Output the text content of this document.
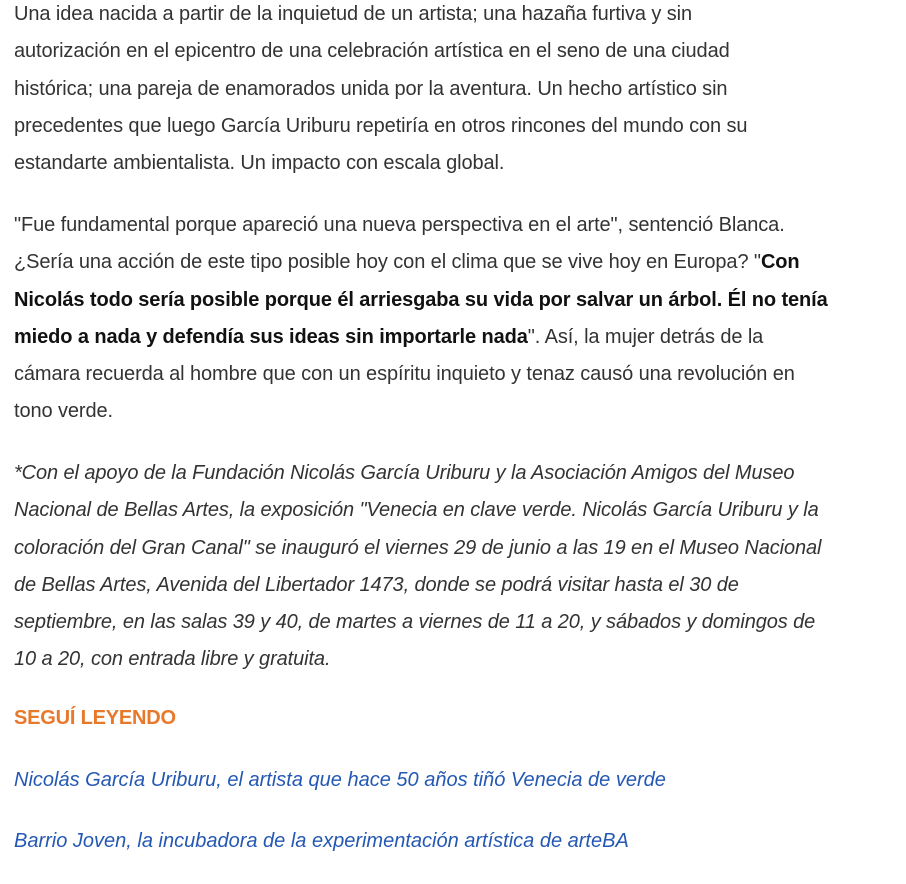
Una idea nacida a partir de la inquietud de un artista; una hazaña furtiva y sin
autorización en el epicentro de una celebración artística en el seno de una ciudad
histórica; una pareja de enamorados unida por la aventura. Un hecho artístico sin
precedentes que luego García Uriburu repetiría en otros rincones del mundo con su
estandarte ambientalista. Un impacto con escala global.

"Fue fundamental porque apareció una nueva perspectiva en el arte", sentenció Blanca.
¿Sería una acción de este tipo posible hoy con el clima que se vive hoy en Europa? "Con
Nicolás todo sería posible porque él arriesgaba su vida por salvar un árbol. Él no tenía
miedo a nada y defendía sus ideas sin importarle nada". Así, la mujer detrás de la
cámara recuerda al hombre que con un espíritu inquieto y tenaz causó una revolución en
tono verde.

*Con el apoyo de la Fundación Nicolás García Uriburu y la Asociación Amigos del Museo
Nacional de Bellas Artes, la exposición "Venecia en clave verde. Nicolás García Uriburu y la
coloración del Gran Canal" se inauguró el viernes 29 de junio a las 19 en el Museo Nacional
de Bellas Artes, Avenida del Libertador 1473, donde se podrá visitar hasta el 30 de
septiembre, en las salas 39 y 40, de martes a viernes de 11 a 20, y sábados y domingos de
10 a 20, con entrada libre y gratuita.

SEGUÍ LEYENDO
Nicolás García Uriburu, el artista que hace 50 años tiñó Venecia de verde
Barrio Joven, la incubadora de la experimentación artística de arteBA
